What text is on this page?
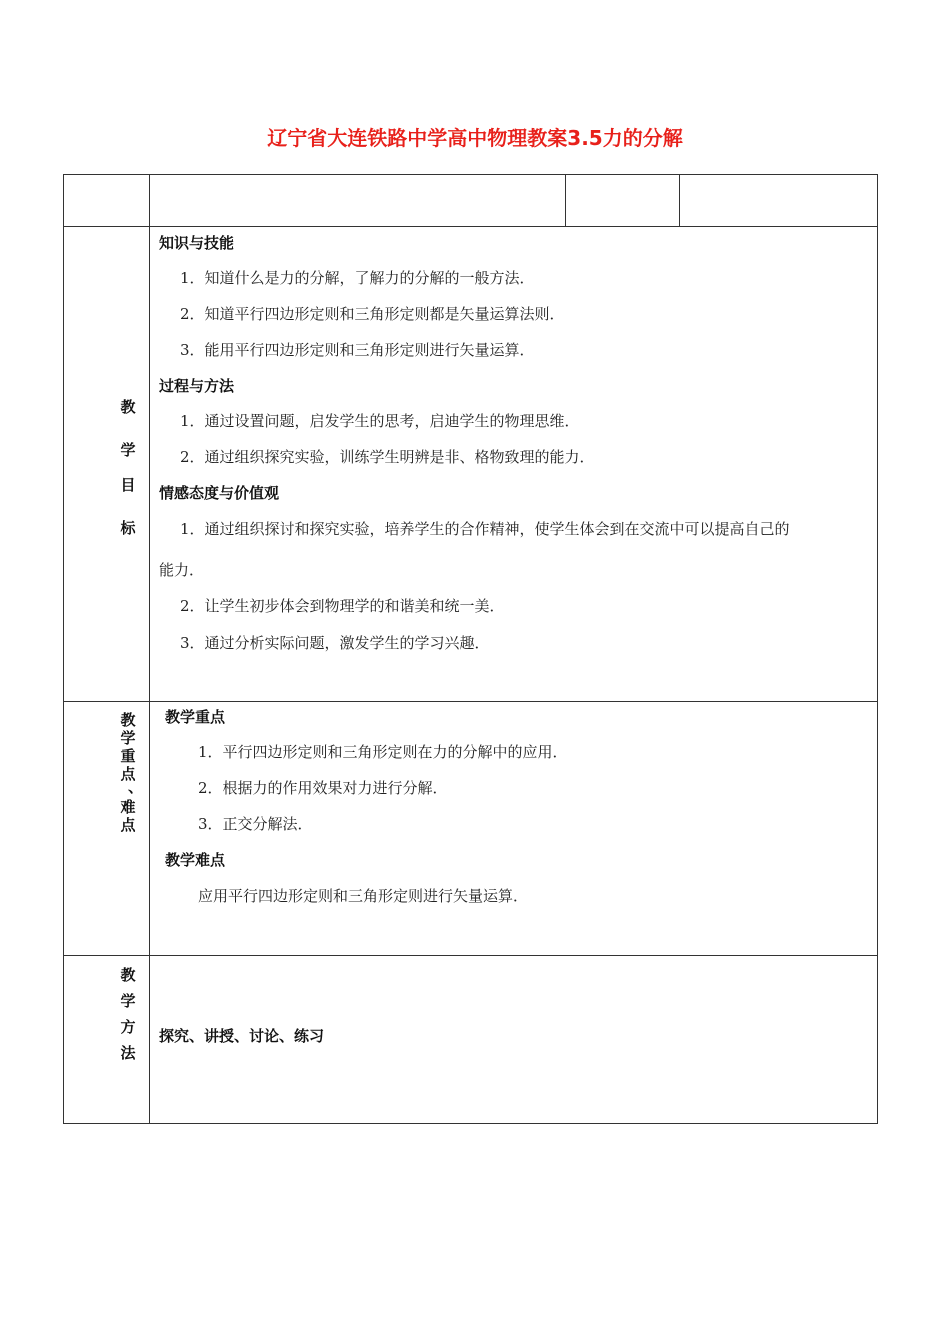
辽宁省大连铁路中学高中物理教案3.5力的分解
教
学
目
标
知识与技能
1．知道什么是力的分解，了解力的分解的一般方法．
2．知道平行四边形定则和三角形定则都是矢量运算法则．
3．能用平行四边形定则和三角形定则进行矢量运算．
过程与方法
1．通过设置问题，启发学生的思考，启迪学生的物理思维．
2．通过组织探究实验，训练学生明辨是非、格物致理的能力．
情感态度与价值观
1．通过组织探讨和探究实验，培养学生的合作精神，使学生体会到在交流中可以提高自己的
能力．
2．让学生初步体会到物理学的和谐美和统一美．
3．通过分析实际问题，激发学生的学习兴趣．
教
学
重
点
、
难
点
教学重点
1．平行四边形定则和三角形定则在力的分解中的应用．
2．根据力的作用效果对力进行分解．
3．正交分解法．
教学难点
应用平行四边形定则和三角形定则进行矢量运算．
教
学
方
法
探究、讲授、讨论、练习
